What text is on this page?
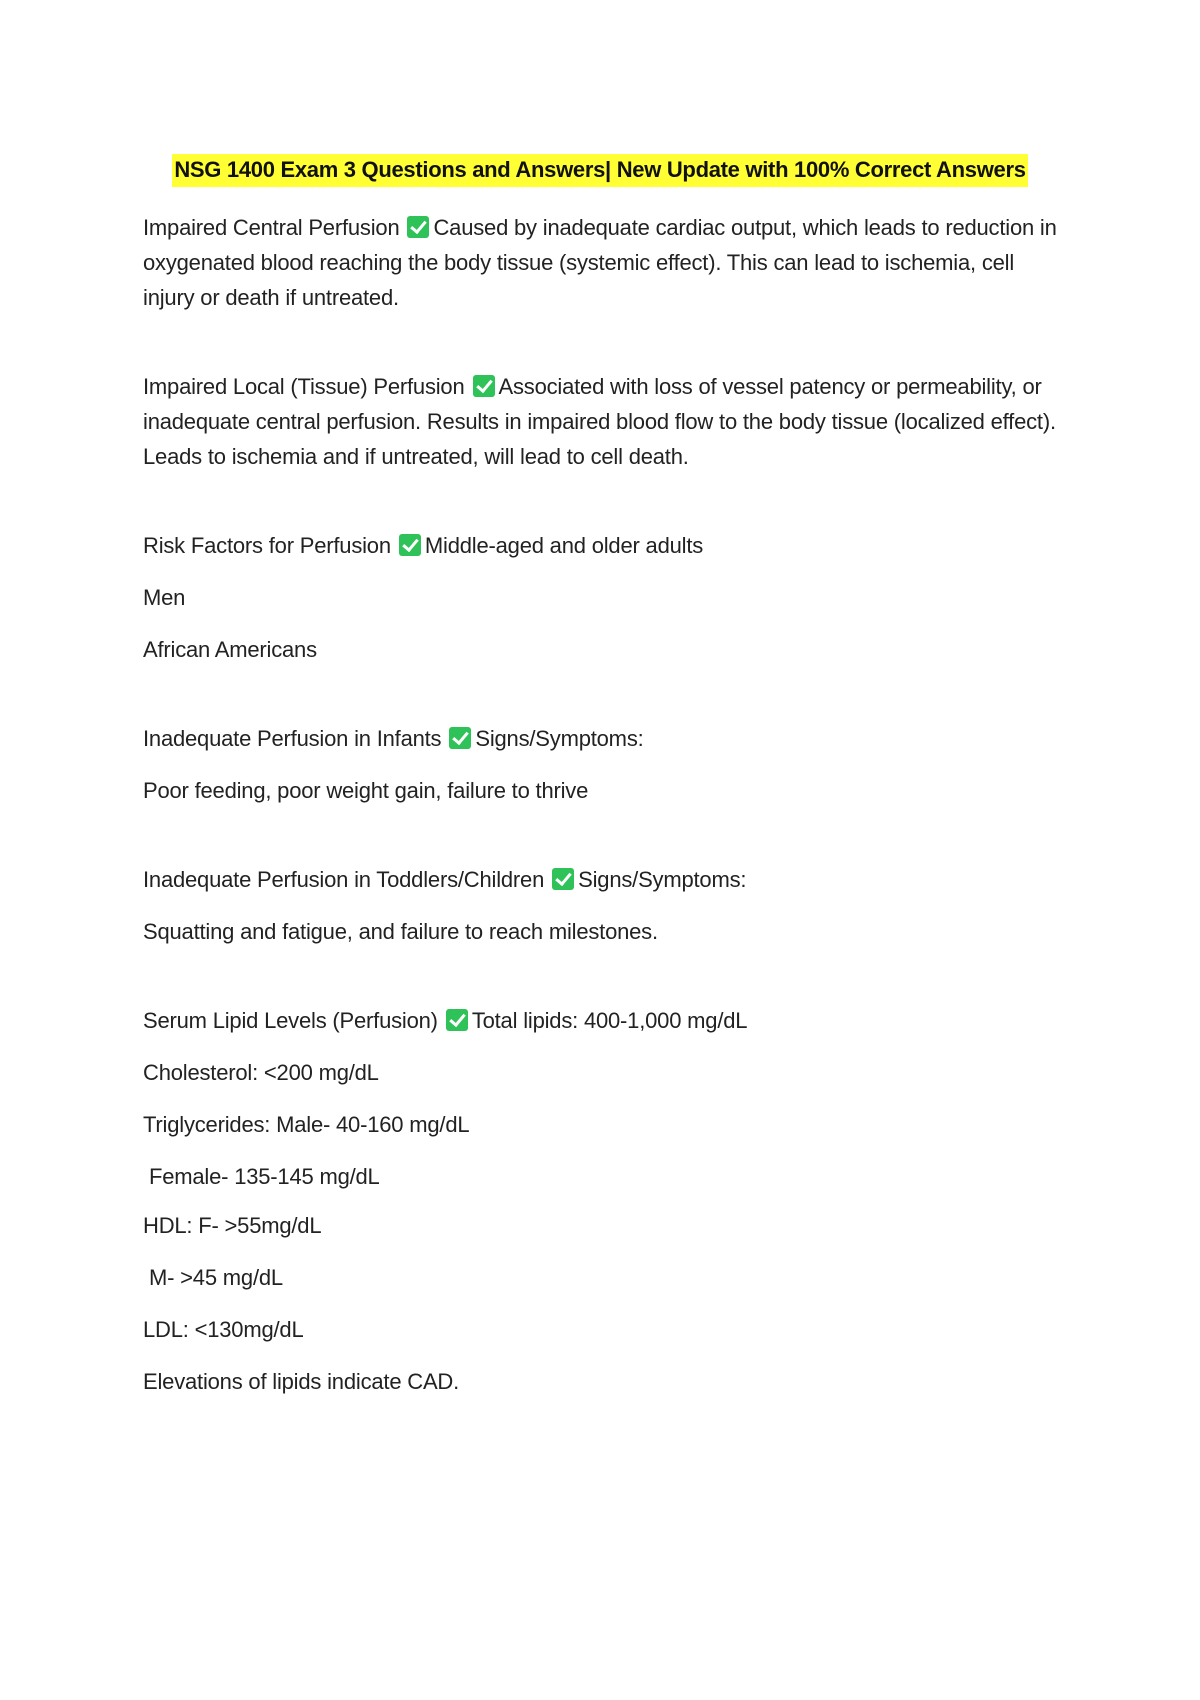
NSG 1400 Exam 3 Questions and Answers| New Update with 100% Correct Answers

Impaired Central Perfusion Caused by inadequate cardiac output, which leads to reduction in oxygenated blood reaching the body tissue (systemic effect). This can lead to ischemia, cell injury or death if untreated.

Impaired Local (Tissue) Perfusion Associated with loss of vessel patency or permeability, or inadequate central perfusion. Results in impaired blood flow to the body tissue (localized effect). Leads to ischemia and if untreated, will lead to cell death.

Risk Factors for Perfusion Middle-aged and older adults

Men

African Americans

Inadequate Perfusion in Infants Signs/Symptoms:

Poor feeding, poor weight gain, failure to thrive

Inadequate Perfusion in Toddlers/Children Signs/Symptoms:

Squatting and fatigue, and failure to reach milestones.

Serum Lipid Levels (Perfusion) Total lipids: 400-1,000 mg/dL

Cholesterol: <200 mg/dL

Triglycerides: Male- 40-160 mg/dL

Female- 135-145 mg/dL

HDL: F- >55mg/dL

M- >45 mg/dL

LDL: <130mg/dL

Elevations of lipids indicate CAD.
